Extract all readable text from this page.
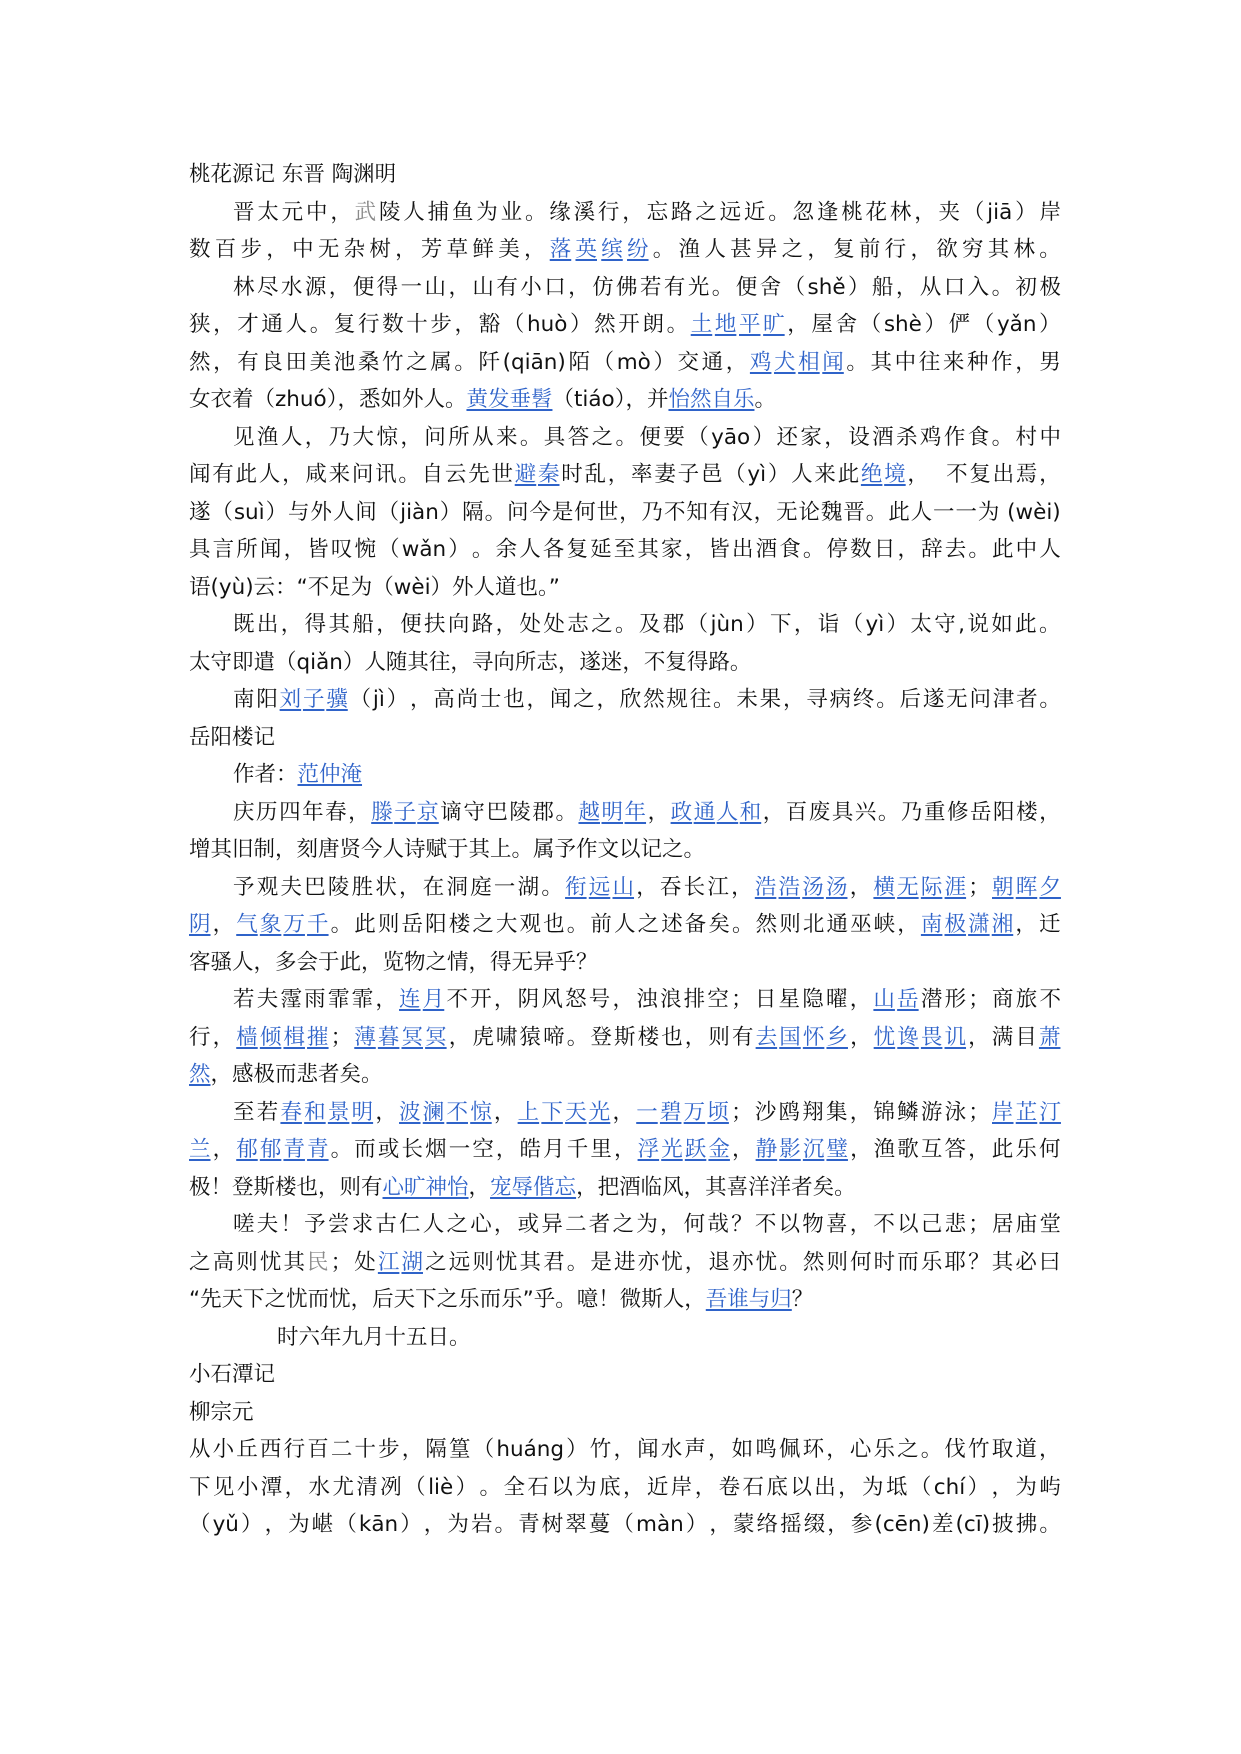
桃花源记 东晋 陶渊明
晋 太 元 中 ， 武 陵 人 捕 鱼 为 业 。 缘 溪 行 ， 忘 路 之 远 近 。 忽 逢 桃 花 林 ， 夹 （ jiā ） 岸
数 百 步 ， 中 无 杂 树 ， 芳 草 鲜 美 ， 落 英 缤 纷 。 渔 人 甚 异 之 ， 复 前 行 ， 欲 穷 其 林 。
林 尽 水 源 ， 便 得 一 山 ， 山 有 小 口 ， 仿 佛 若 有 光 。 便 舍 （ shě ） 船 ， 从 口 入 。 初 极
狭 ， 才 通 人 。 复 行 数 十 步 ， 豁 （ huò ） 然 开 朗 。 土 地 平 旷 ， 屋 舍 （ shè ） 俨 （ yǎn ）
然 ， 有 良 田 美 池 桑 竹 之 属 。 阡 (qiān) 陌 （ mò ） 交 通 ， 鸡 犬 相 闻 。 其 中 往 来 种 作 ， 男
女衣着（zhuó），悉如外人。黄发垂髫（tiáo），并怡然自乐。
见 渔 人 ， 乃 大 惊 ， 问 所 从 来 。 具 答 之 。 便 要 （ yāo ） 还 家 ， 设 酒 杀 鸡 作 食 。 村 中
闻 有 此 人 ， 咸 来 问 讯 。 自 云 先 世 避 秦 时 乱 ， 率 妻 子 邑 （ yì ） 人 来 此 绝 境 ，
不 复 出 焉 ，
遂 （ suì ） 与 外 人 间 （ jiàn ） 隔 。 问 今 是 何 世 ， 乃 不 知 有 汉 ， 无 论 魏 晋 。 此 人 一 一 为 (wèi)
具 言 所 闻 ， 皆 叹 惋 （ wǎn ） 。 余 人 各 复 延 至 其 家 ， 皆 出 酒 食 。 停 数 日 ， 辞 去 。 此 中 人
语(yù)云：“不足为（wèi）外人道也。”
既 出 ， 得 其 船 ， 便 扶 向 路 ， 处 处 志 之 。 及 郡 （ jùn ） 下 ， 诣 （ yì ） 太 守 , 说 如 此 。
太守即遣（qiǎn）人随其往，寻向所志，遂迷，不复得路。
南 阳 刘 子 骥 （ jì ） ， 高 尚 士 也 ， 闻 之 ， 欣 然 规 往 。 未 果 ， 寻 病 终 。 后 遂 无 问 津 者 。
岳阳楼记
作者：范仲淹
庆 历 四 年 春 ， 滕 子 京 谪 守 巴 陵 郡 。 越 明 年 ， 政 通 人 和 ， 百 废 具 兴 。 乃 重 修 岳 阳 楼 ，
增其旧制，刻唐贤今人诗赋于其上。属予作文以记之。
予 观 夫 巴 陵 胜 状 ， 在 洞 庭 一 湖 。 衔 远 山 ， 吞 长 江 ， 浩 浩 汤 汤 ， 横 无 际 涯 ； 朝 晖 夕
阴 ， 气 象 万 千 。 此 则 岳 阳 楼 之 大 观 也 。 前 人 之 述 备 矣 。 然 则 北 通 巫 峡 ， 南 极 潇 湘 ， 迁
客骚人，多会于此，览物之情，得无异乎？
若 夫 霪 雨 霏 霏 ， 连 月 不 开 ， 阴 风 怒 号 ， 浊 浪 排 空 ； 日 星 隐 曜 ， 山 岳 潜 形 ； 商 旅 不
行 ， 樯 倾 楫 摧 ； 薄 暮 冥 冥 ， 虎 啸 猿 啼 。 登 斯 楼 也 ， 则 有 去 国 怀 乡 ， 忧 谗 畏 讥 ， 满 目 萧
然，感极而悲者矣。
至 若 春 和 景 明 ， 波 澜 不 惊 ， 上 下 天 光 ， 一 碧 万 顷 ； 沙 鸥 翔 集 ， 锦 鳞 游 泳 ； 岸 芷 汀
兰 ， 郁 郁 青 青 。 而 或 长 烟 一 空 ， 皓 月 千 里 ， 浮 光 跃 金 ， 静 影 沉 璧 ， 渔 歌 互 答 ， 此 乐 何
极！登斯楼也，则有心旷神怡，宠辱偕忘，把酒临风，其喜洋洋者矣。
嗟 夫 ！ 予 尝 求 古 仁 人 之 心 ， 或 异 二 者 之 为 ， 何 哉 ？ 不 以 物 喜 ， 不 以 己 悲 ； 居 庙 堂
之 高 则 忧 其 民 ； 处 江 湖 之 远 则 忧 其 君 。 是 进 亦 忧 ， 退 亦 忧 。 然 则 何 时 而 乐 耶 ？ 其 必 曰
“先天下之忧而忧，后天下之乐而乐”乎。噫！微斯人，吾谁与归？
时六年九月十五日。
小石潭记
柳宗元
从 小 丘 西 行 百 二 十 步 ， 隔 篁 （ huáng ） 竹 ， 闻 水 声 ， 如 鸣 佩 环 ， 心 乐 之 。 伐 竹 取 道 ，
下 见 小 潭 ， 水 尤 清 冽 （ liè ） 。 全 石 以 为 底 ， 近 岸 ， 卷 石 底 以 出 ， 为 坻 （ chí ） ， 为 屿
（ yǔ ） ， 为 嵁 （ kān ） ， 为 岩 。 青 树 翠 蔓 （ màn ） ， 蒙 络 摇 缀 ， 参 (cēn) 差 (cī) 披 拂 。
